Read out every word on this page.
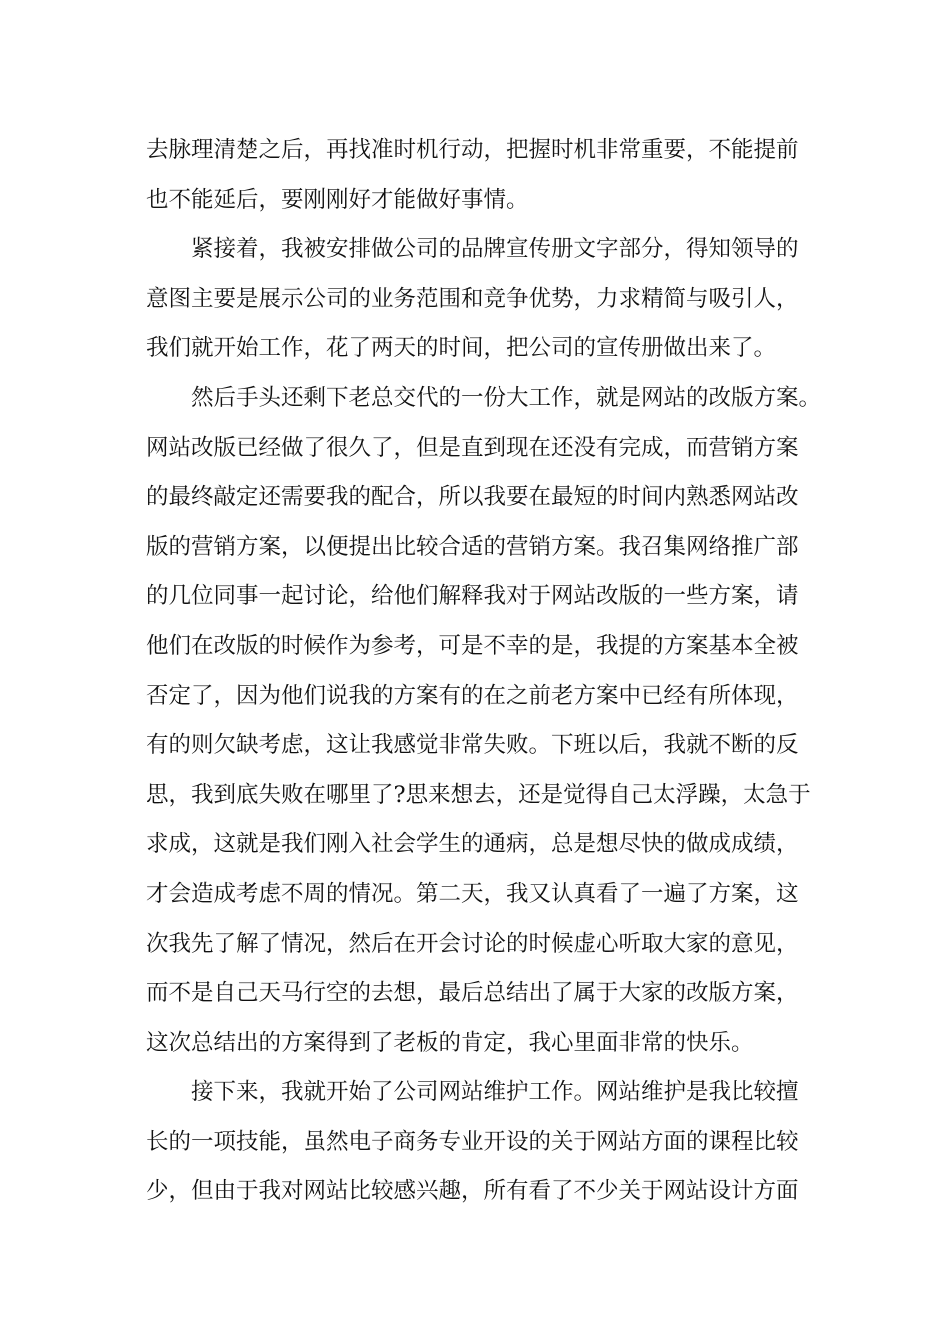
去脉理清楚之后，再找准时机行动，把握时机非常重要，不能提前
也不能延后，要刚刚好才能做好事情。
紧接着，我被安排做公司的品牌宣传册文字部分，得知领导的
意图主要是展示公司的业务范围和竞争优势，力求精简与吸引人，
我们就开始工作，花了两天的时间，把公司的宣传册做出来了。
然后手头还剩下老总交代的一份大工作，就是网站的改版方案。
网站改版已经做了很久了，但是直到现在还没有完成，而营销方案
的最终敲定还需要我的配合，所以我要在最短的时间内熟悉网站改
版的营销方案，以便提出比较合适的营销方案。我召集网络推广部
的几位同事一起讨论，给他们解释我对于网站改版的一些方案，请
他们在改版的时候作为参考，可是不幸的是，我提的方案基本全被
否定了，因为他们说我的方案有的在之前老方案中已经有所体现，
有的则欠缺考虑，这让我感觉非常失败。下班以后，我就不断的反
思，我到底失败在哪里了?思来想去，还是觉得自己太浮躁，太急于
求成，这就是我们刚入社会学生的通病，总是想尽快的做成成绩，
才会造成考虑不周的情况。第二天，我又认真看了一遍了方案，这
次我先了解了情况，然后在开会讨论的时候虚心听取大家的意见，
而不是自己天马行空的去想，最后总结出了属于大家的改版方案，
这次总结出的方案得到了老板的肯定，我心里面非常的快乐。
接下来，我就开始了公司网站维护工作。网站维护是我比较擅
长的一项技能，虽然电子商务专业开设的关于网站方面的课程比较
少，但由于我对网站比较感兴趣，所有看了不少关于网站设计方面
